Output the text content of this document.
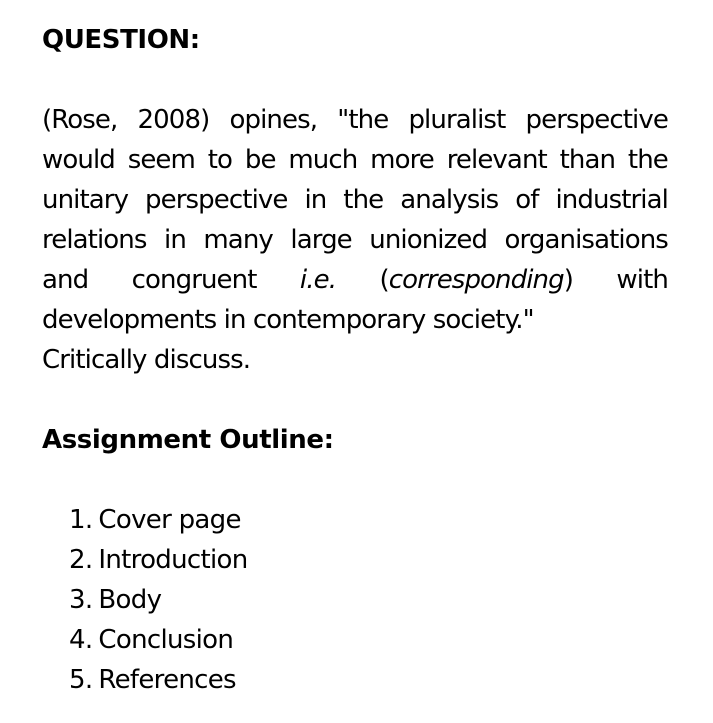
QUESTION:

(Rose, 2008) opines, "the pluralist perspective
would seem to be much more relevant than the
unitary perspective in the analysis of industrial
relations in many large unionized organisations
and congruent i.e. (corresponding) with
developments in contemporary society."
Critically discuss.

Assignment Outline:
1. Cover page
2. Introduction
3. Body
4. Conclusion
5. References
